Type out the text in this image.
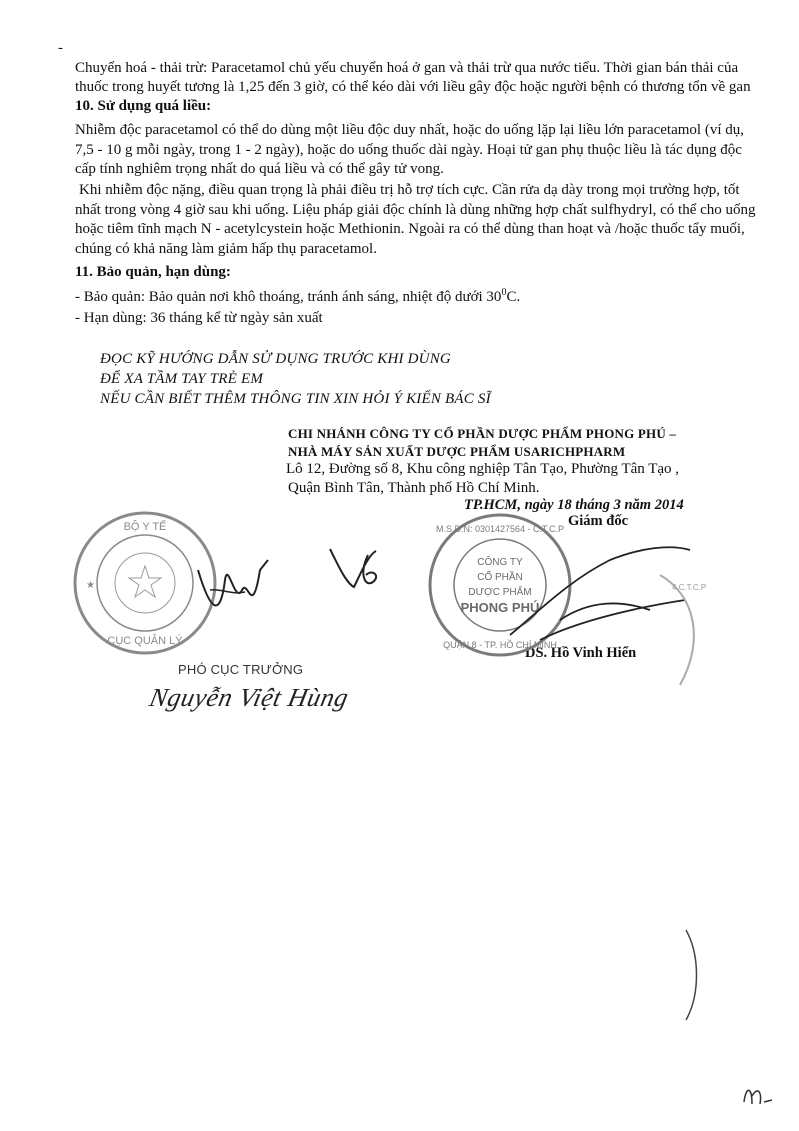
-
Chuyển hoá - thải trừ: Paracetamol chủ yếu chuyển hoá ở gan và thải trừ qua nước tiểu. Thời gian bán thải của thuốc trong huyết tương là 1,25 đến 3 giờ, có thể kéo dài với liều gây độc hoặc người bệnh có thương tổn về gan

10. Sử dụng quá liều:
Nhiễm độc paracetamol có thể do dùng một liều độc duy nhất, hoặc do uống lặp lại liều lớn paracetamol (ví dụ, 7,5 - 10 g mỗi ngày, trong 1 - 2 ngày), hoặc do uống thuốc dài ngày. Hoại tử gan phụ thuộc liều là tác dụng độc cấp tính nghiêm trọng nhất do quá liều và có thể gây tử vong.
Khi nhiễm độc nặng, điều quan trọng là phải điều trị hỗ trợ tích cực. Cần rửa dạ dày trong mọi trường hợp, tốt nhất trong vòng 4 giờ sau khi uống. Liệu pháp giải độc chính là dùng những hợp chất sulfhydryl, có thể cho uống hoặc tiêm tĩnh mạch N - acetylcystein hoặc Methionin. Ngoài ra có thể dùng than hoạt và /hoặc thuốc tẩy muối, chúng có khả năng làm giảm hấp thụ paracetamol.
11. Bảo quản, hạn dùng:
- Bảo quản: Bảo quản nơi khô thoáng, tránh ánh sáng, nhiệt độ dưới $30^0C$.
- Hạn dùng: 36 tháng kể từ ngày sản xuất
ĐỌC KỸ HƯỚNG DẪN SỬ DỤNG TRƯỚC KHI DÙNG
ĐỂ XA TẦM TAY TRẺ EM
NẾU CẦN BIẾT THÊM THÔNG TIN XIN HỎI Ý KIẾN BÁC SĨ
CHI NHÁNH CÔNG TY CỔ PHẦN DƯỢC PHẨM PHONG PHÚ –
NHÀ MÁY SẢN XUẤT DƯỢC PHẨM USARICHPHARM
Lô 12, Đường số 8, Khu công nghiệp Tân Tạo, Phường Tân Tạo ,
Quận Bình Tân, Thành phố Hồ Chí Minh.
TP.HCM, ngày 18 tháng 3 năm 2014
Giám đốc
DS. Hồ Vinh Hiển
PHÓ CỤC TRƯỞNG
Nguyễn Việt Hùng
BỘ Y TẾ
CỤC QUẢN LÝ
★
M.S.D.N: 0301427564 - C.T.C.P
QUẬN 8 - TP. HỒ CHÍ MINH
CÔNG TY
CỔ PHẦN
DƯỢC PHẨM
PHONG PHÚ
4.C.T.C.P
